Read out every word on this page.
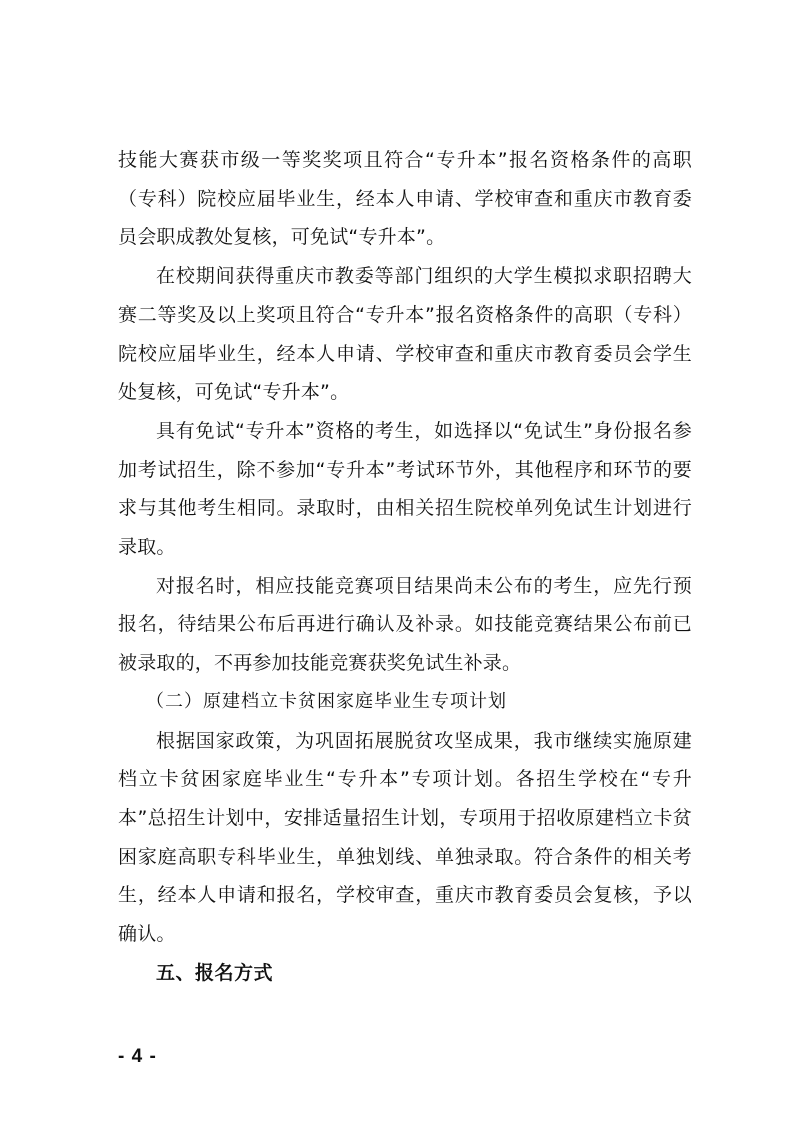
技能大赛获市级一等奖奖项且符合“专升本”报名资格条件的高职（专科）院校应届毕业生，经本人申请、学校审查和重庆市教育委员会职成教处复核，可免试“专升本”。

在校期间获得重庆市教委等部门组织的大学生模拟求职招聘大赛二等奖及以上奖项且符合“专升本”报名资格条件的高职（专科）院校应届毕业生，经本人申请、学校审查和重庆市教育委员会学生处复核，可免试“专升本”。

具有免试“专升本”资格的考生，如选择以“免试生”身份报名参加考试招生，除不参加“专升本”考试环节外，其他程序和环节的要求与其他考生相同。录取时，由相关招生院校单列免试生计划进行录取。

对报名时，相应技能竞赛项目结果尚未公布的考生，应先行预报名，待结果公布后再进行确认及补录。如技能竞赛结果公布前已被录取的，不再参加技能竞赛获奖免试生补录。

（二）原建档立卡贫困家庭毕业生专项计划

根据国家政策，为巩固拓展脱贫攻坚成果，我市继续实施原建档立卡贫困家庭毕业生“专升本”专项计划。各招生学校在“专升本”总招生计划中，安排适量招生计划，专项用于招收原建档立卡贫困家庭高职专科毕业生，单独划线、单独录取。符合条件的相关考生，经本人申请和报名，学校审查，重庆市教育委员会复核，予以确认。

五、报名方式

- 4 -
